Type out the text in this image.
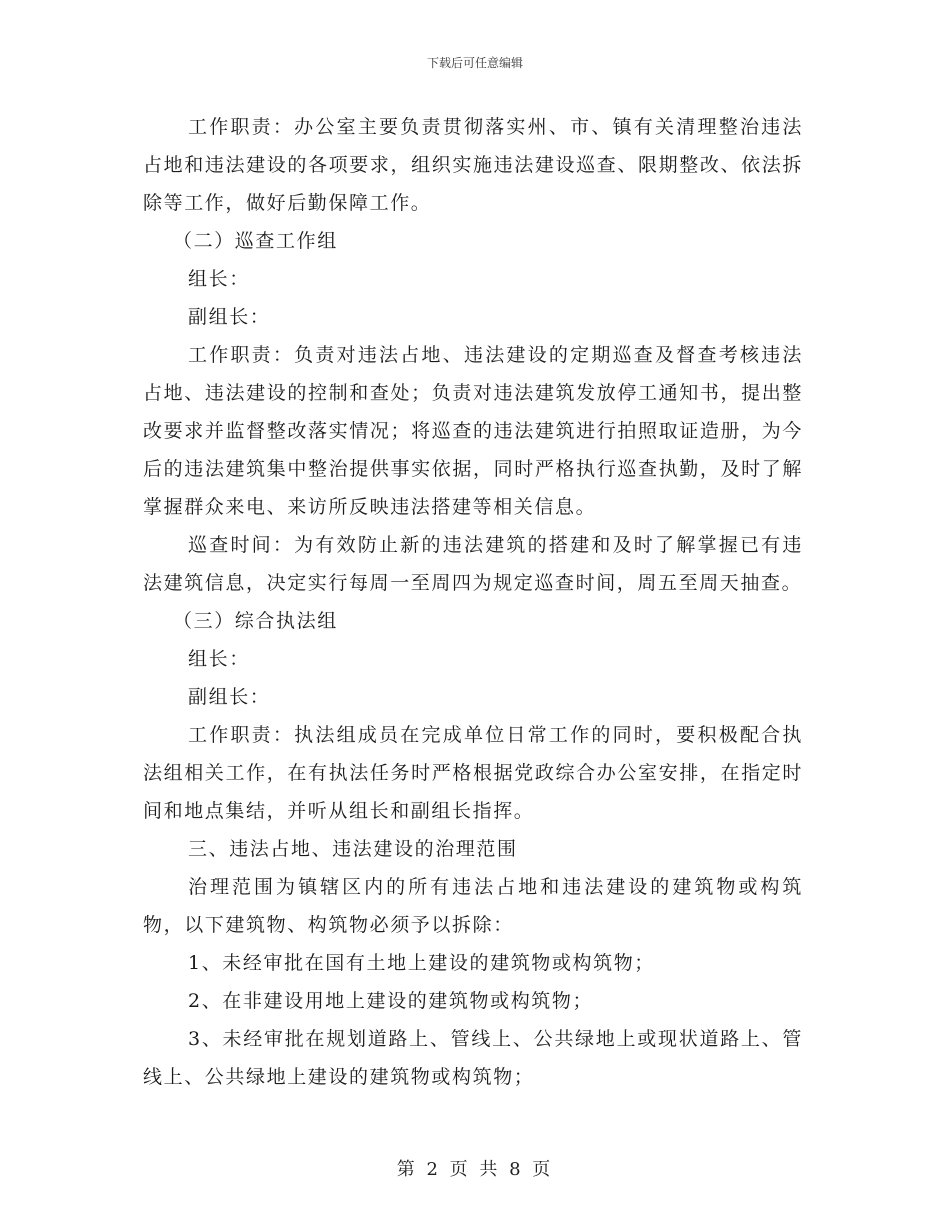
下载后可任意编辑

工作职责：办公室主要负责贯彻落实州、市、镇有关清理整治违法占地和违法建设的各项要求，组织实施违法建设巡查、限期整改、依法拆除等工作，做好后勤保障工作。

（二）巡查工作组

组长：

副组长：

工作职责：负责对违法占地、违法建设的定期巡查及督查考核违法占地、违法建设的控制和查处；负责对违法建筑发放停工通知书，提出整改要求并监督整改落实情况；将巡查的违法建筑进行拍照取证造册，为今后的违法建筑集中整治提供事实依据，同时严格执行巡查执勤，及时了解掌握群众来电、来访所反映违法搭建等相关信息。

巡查时间：为有效防止新的违法建筑的搭建和及时了解掌握已有违法建筑信息，决定实行每周一至周四为规定巡查时间，周五至周天抽查。

（三）综合执法组

组长：

副组长：

工作职责：执法组成员在完成单位日常工作的同时，要积极配合执法组相关工作，在有执法任务时严格根据党政综合办公室安排，在指定时间和地点集结，并听从组长和副组长指挥。

三、违法占地、违法建设的治理范围

治理范围为镇辖区内的所有违法占地和违法建设的建筑物或构筑物，以下建筑物、构筑物必须予以拆除：

1、未经审批在国有土地上建设的建筑物或构筑物；

2、在非建设用地上建设的建筑物或构筑物；

3、未经审批在规划道路上、管线上、公共绿地上或现状道路上、管线上、公共绿地上建设的建筑物或构筑物；

第 2 页 共 8 页
